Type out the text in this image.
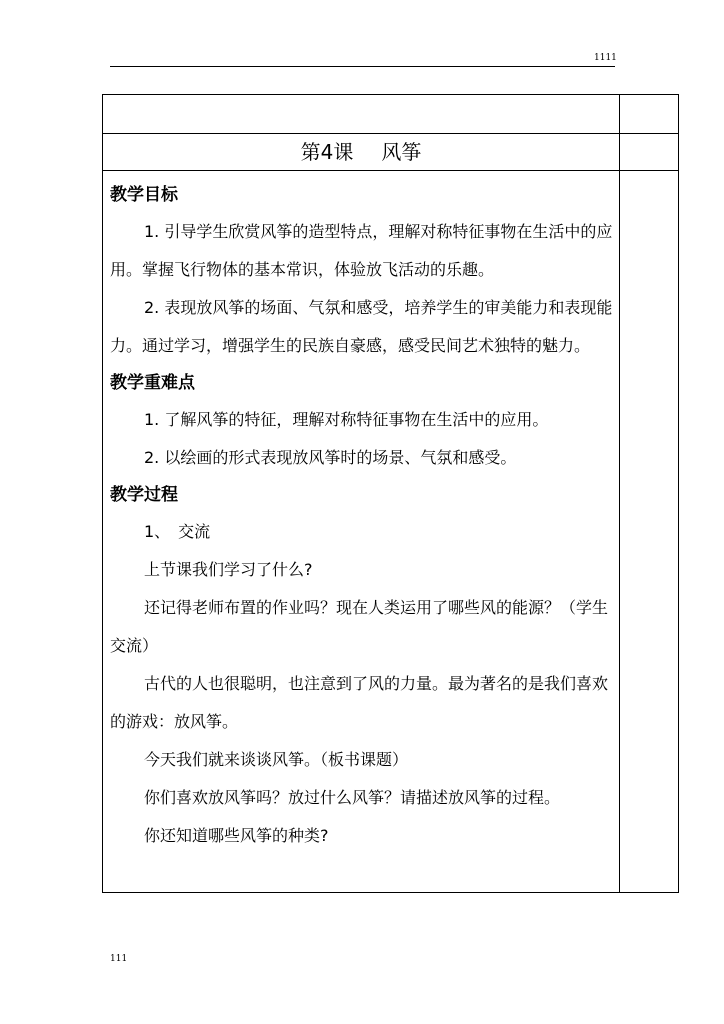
1111
第4课 风筝
教学目标

1. 引导学生欣赏风筝的造型特点，理解对称特征事物在生活中的应用。掌握飞行物体的基本常识，体验放飞活动的乐趣。

2. 表现放风筝的场面、气氛和感受，培养学生的审美能力和表现能力。通过学习，增强学生的民族自豪感，感受民间艺术独特的魅力。

教学重难点
1. 了解风筝的特征，理解对称特征事物在生活中的应用。
2. 以绘画的形式表现放风筝时的场景、气氛和感受。
教学过程
1、　交流
上节课我们学习了什么?

还记得老师布置的作业吗？现在人类运用了哪些风的能源？（学生交流）

古代的人也很聪明，也注意到了风的力量。最为著名的是我们喜欢的游戏：放风筝。

今天我们就来谈谈风筝。（板书课题）
你们喜欢放风筝吗？放过什么风筝？请描述放风筝的过程。
你还知道哪些风筝的种类?
111
